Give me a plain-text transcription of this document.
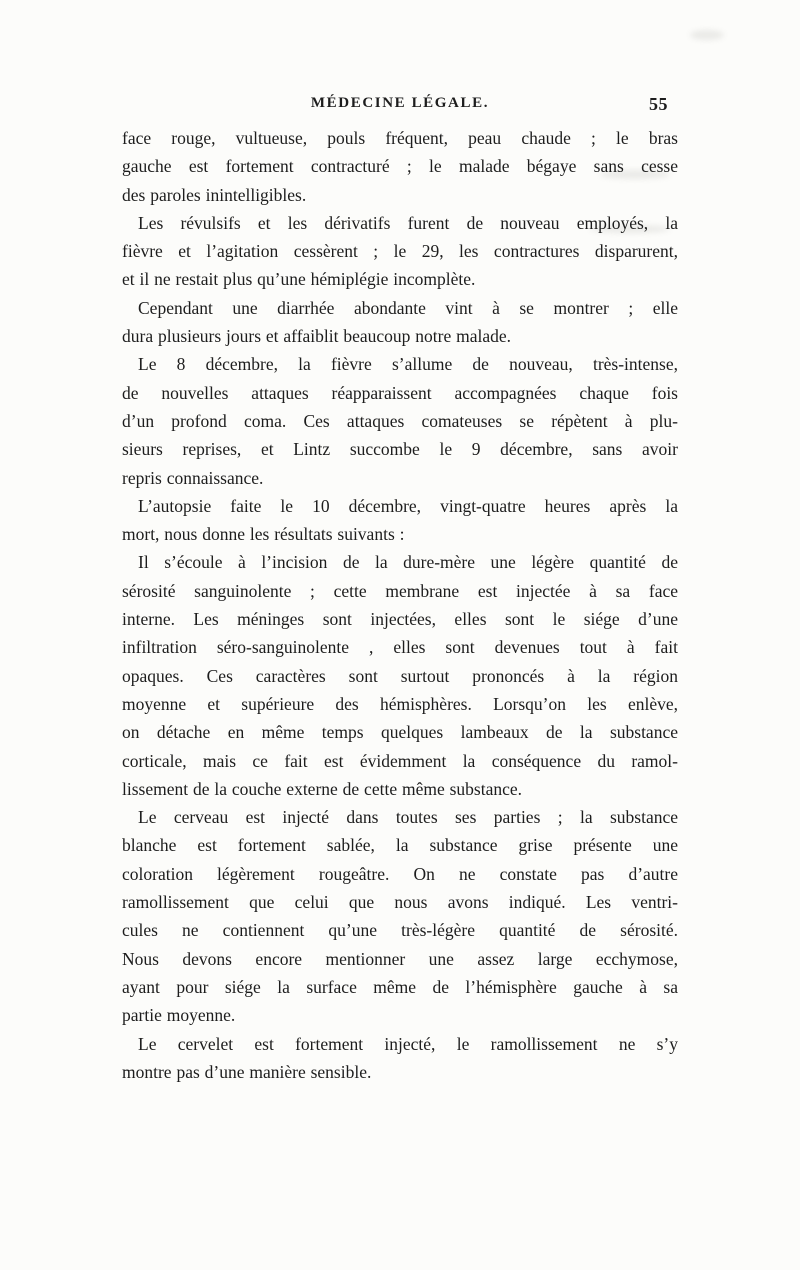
MÉDECINE LÉGALE.	55

face rouge, vultueuse, pouls fréquent, peau chaude ; le bras
gauche est fortement contracturé ; le malade bégaye sans cesse
des paroles inintelligibles.

Les révulsifs et les dérivatifs furent de nouveau employés, la
fièvre et l’agitation cessèrent ; le 29, les contractures disparurent,
et il ne restait plus qu’une hémiplégie incomplète.

Cependant une diarrhée abondante vint à se montrer ; elle
dura plusieurs jours et affaiblit beaucoup notre malade.

Le 8 décembre, la fièvre s’allume de nouveau, très-intense,
de nouvelles attaques réapparaissent accompagnées chaque fois
d’un profond coma. Ces attaques comateuses se répètent à plu-
sieurs reprises, et Lintz succombe le 9 décembre, sans avoir
repris connaissance.

L’autopsie faite le 10 décembre, vingt-quatre heures après la
mort, nous donne les résultats suivants :

Il s’écoule à l’incision de la dure-mère une légère quantité de
sérosité sanguinolente ; cette membrane est injectée à sa face
interne. Les méninges sont injectées, elles sont le siége d’une
infiltration séro-sanguinolente , elles sont devenues tout à fait
opaques. Ces caractères sont surtout prononcés à la région
moyenne et supérieure des hémisphères. Lorsqu’on les enlève,
on détache en même temps quelques lambeaux de la substance
corticale, mais ce fait est évidemment la conséquence du ramol-
lissement de la couche externe de cette même substance.

Le cerveau est injecté dans toutes ses parties ; la substance
blanche est fortement sablée, la substance grise présente une
coloration légèrement rougeâtre. On ne constate pas d’autre
ramollissement que celui que nous avons indiqué. Les ventri-
cules ne contiennent qu’une très-légère quantité de sérosité.
Nous devons encore mentionner une assez large ecchymose,
ayant pour siége la surface même de l’hémisphère gauche à sa
partie moyenne.

Le cervelet est fortement injecté, le ramollissement ne s’y
montre pas d’une manière sensible.
